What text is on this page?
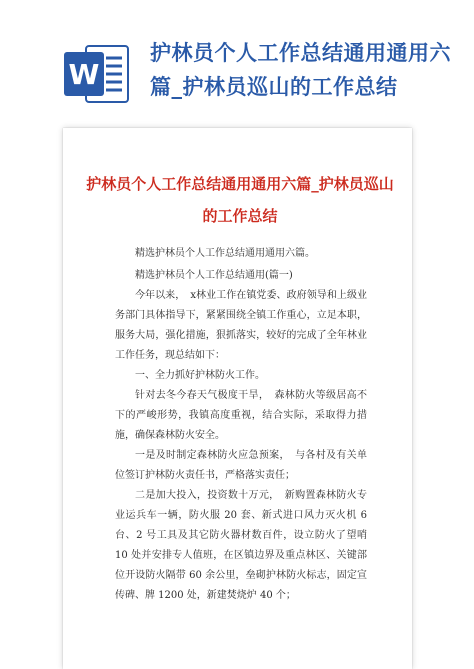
W
护林员个人工作总结通用通用六篇_护林员巡山的工作总结
护林员个人工作总结通用通用六篇_护林员巡山的工作总结

精选护林员个人工作总结通用通用六篇。

精选护林员个人工作总结通用(篇一)

今年以来，　x林业工作在镇党委、政府领导和上级业务部门具体指导下，紧紧围绕全镇工作重心，立足本职，服务大局，强化措施，狠抓落实，较好的完成了全年林业工作任务，现总结如下：

一、全力抓好护林防火工作。

针对去冬今春天气极度干旱，　森林防火等级居高不下的严峻形势，我镇高度重视，结合实际，采取得力措施，确保森林防火安全。

一是及时制定森林防火应急预案，　与各村及有关单位签订护林防火责任书，严格落实责任；

二是加大投入，投资数十万元，　新购置森林防火专业运兵车一辆，防火服 20 套、新式进口风力灭火机 6 台、2 号工具及其它防火器材数百件，设立防火了望哨 10 处并安排专人值班，在区镇边界及重点林区、关键部位开设防火隔带 60 余公里，垒砌护林防火标志，固定宣传碑、牌 1200 处，新建焚烧炉 40 个；
